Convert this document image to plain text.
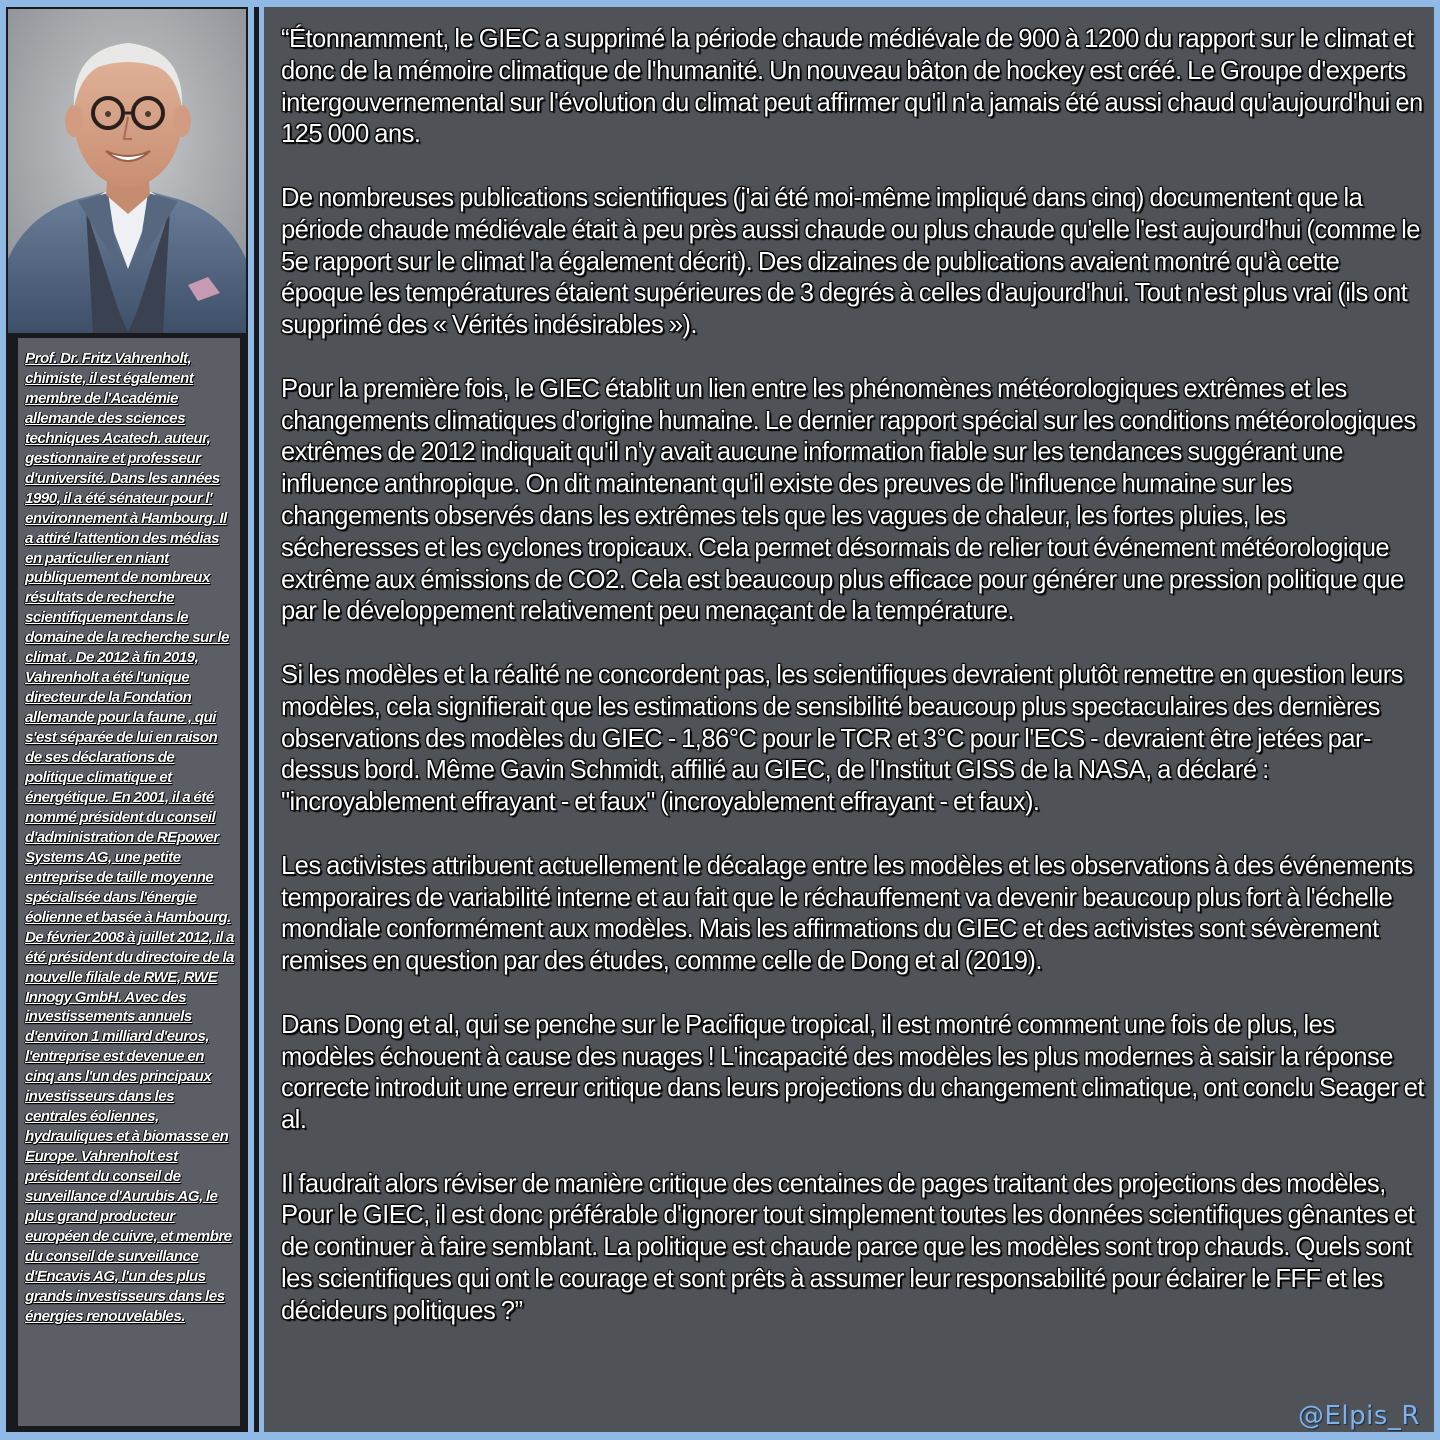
Prof. Dr. Fritz Vahrenholt, chimiste, il est également membre de l'Académie allemande des sciences techniques Acatech. auteur, gestionnaire et professeur d'université. Dans les années 1990, il a été sénateur pour l' environnement à Hambourg. Il a attiré l'attention des médias en particulier en niant publiquement de nombreux résultats de recherche scientifiquement dans le domaine de la recherche sur le climat . De 2012 à fin 2019, Vahrenholt a été l'unique directeur de la Fondation allemande pour la faune , qui s'est séparée de lui en raison de ses déclarations de politique climatique et énergétique. En 2001, il a été nommé président du conseil d'administration de REpower Systems AG, une petite entreprise de taille moyenne spécialisée dans l'énergie éolienne et basée à Hambourg. De février 2008 à juillet 2012, il a été président du directoire de la nouvelle filiale de RWE, RWE Innogy GmbH. Avec des investissements annuels d'environ 1 milliard d'euros, l'entreprise est devenue en cinq ans l'un des principaux investisseurs dans les centrales éoliennes, hydrauliques et à biomasse en Europe. Vahrenholt est président du conseil de surveillance d'Aurubis AG, le plus grand producteur européen de cuivre, et membre du conseil de surveillance d'Encavis AG, l'un des plus grands investisseurs dans les énergies renouvelables.

“Étonnamment, le GIEC a supprimé la période chaude médiévale de 900 à 1200 du rapport sur le climat et donc de la mémoire climatique de l'humanité. Un nouveau bâton de hockey est créé. Le Groupe d'experts intergouvernemental sur l'évolution du climat peut affirmer qu'il n'a jamais été aussi chaud qu'aujourd'hui en 125 000 ans.

De nombreuses publications scientifiques (j'ai été moi-même impliqué dans cinq) documentent que la période chaude médiévale était à peu près aussi chaude ou plus chaude qu'elle l'est aujourd'hui (comme le 5e rapport sur le climat l'a également décrit). Des dizaines de publications avaient montré qu'à cette époque les températures étaient supérieures de 3 degrés à celles d'aujourd'hui. Tout n'est plus vrai (ils ont supprimé des « Vérités indésirables »).

Pour la première fois, le GIEC établit un lien entre les phénomènes météorologiques extrêmes et les changements climatiques d'origine humaine. Le dernier rapport spécial sur les conditions météorologiques extrêmes de 2012 indiquait qu'il n'y avait aucune information fiable sur les tendances suggérant une influence anthropique. On dit maintenant qu'il existe des preuves de l'influence humaine sur les changements observés dans les extrêmes tels que les vagues de chaleur, les fortes pluies, les sécheresses et les cyclones tropicaux. Cela permet désormais de relier tout événement météorologique extrême aux émissions de CO2. Cela est beaucoup plus efficace pour générer une pression politique que par le développement relativement peu menaçant de la température.

Si les modèles et la réalité ne concordent pas, les scientifiques devraient plutôt remettre en question leurs modèles, cela signifierait que les estimations de sensibilité beaucoup plus spectaculaires des dernières observations des modèles du GIEC - 1,86°C pour le TCR et 3°C pour l'ECS - devraient être jetées par-dessus bord. Même Gavin Schmidt, affilié au GIEC, de l'Institut GISS de la NASA, a déclaré : "incroyablement effrayant - et faux" (incroyablement effrayant - et faux).

Les activistes attribuent actuellement le décalage entre les modèles et les observations à des événements temporaires de variabilité interne et au fait que le réchauffement va devenir beaucoup plus fort à l'échelle mondiale conformément aux modèles. Mais les affirmations du GIEC et des activistes sont sévèrement remises en question par des études, comme celle de Dong et al (2019).

Dans Dong et al, qui se penche sur le Pacifique tropical, il est montré comment une fois de plus, les modèles échouent à cause des nuages ! L'incapacité des modèles les plus modernes à saisir la réponse correcte introduit une erreur critique dans leurs projections du changement climatique, ont conclu Seager et al.

Il faudrait alors réviser de manière critique des centaines de pages traitant des projections des modèles, Pour le GIEC, il est donc préférable d'ignorer tout simplement toutes les données scientifiques gênantes et de continuer à faire semblant. La politique est chaude parce que les modèles sont trop chauds. Quels sont les scientifiques qui ont le courage et sont prêts à assumer leur responsabilité pour éclairer le FFF et les décideurs politiques ?”

@Elpis_R
